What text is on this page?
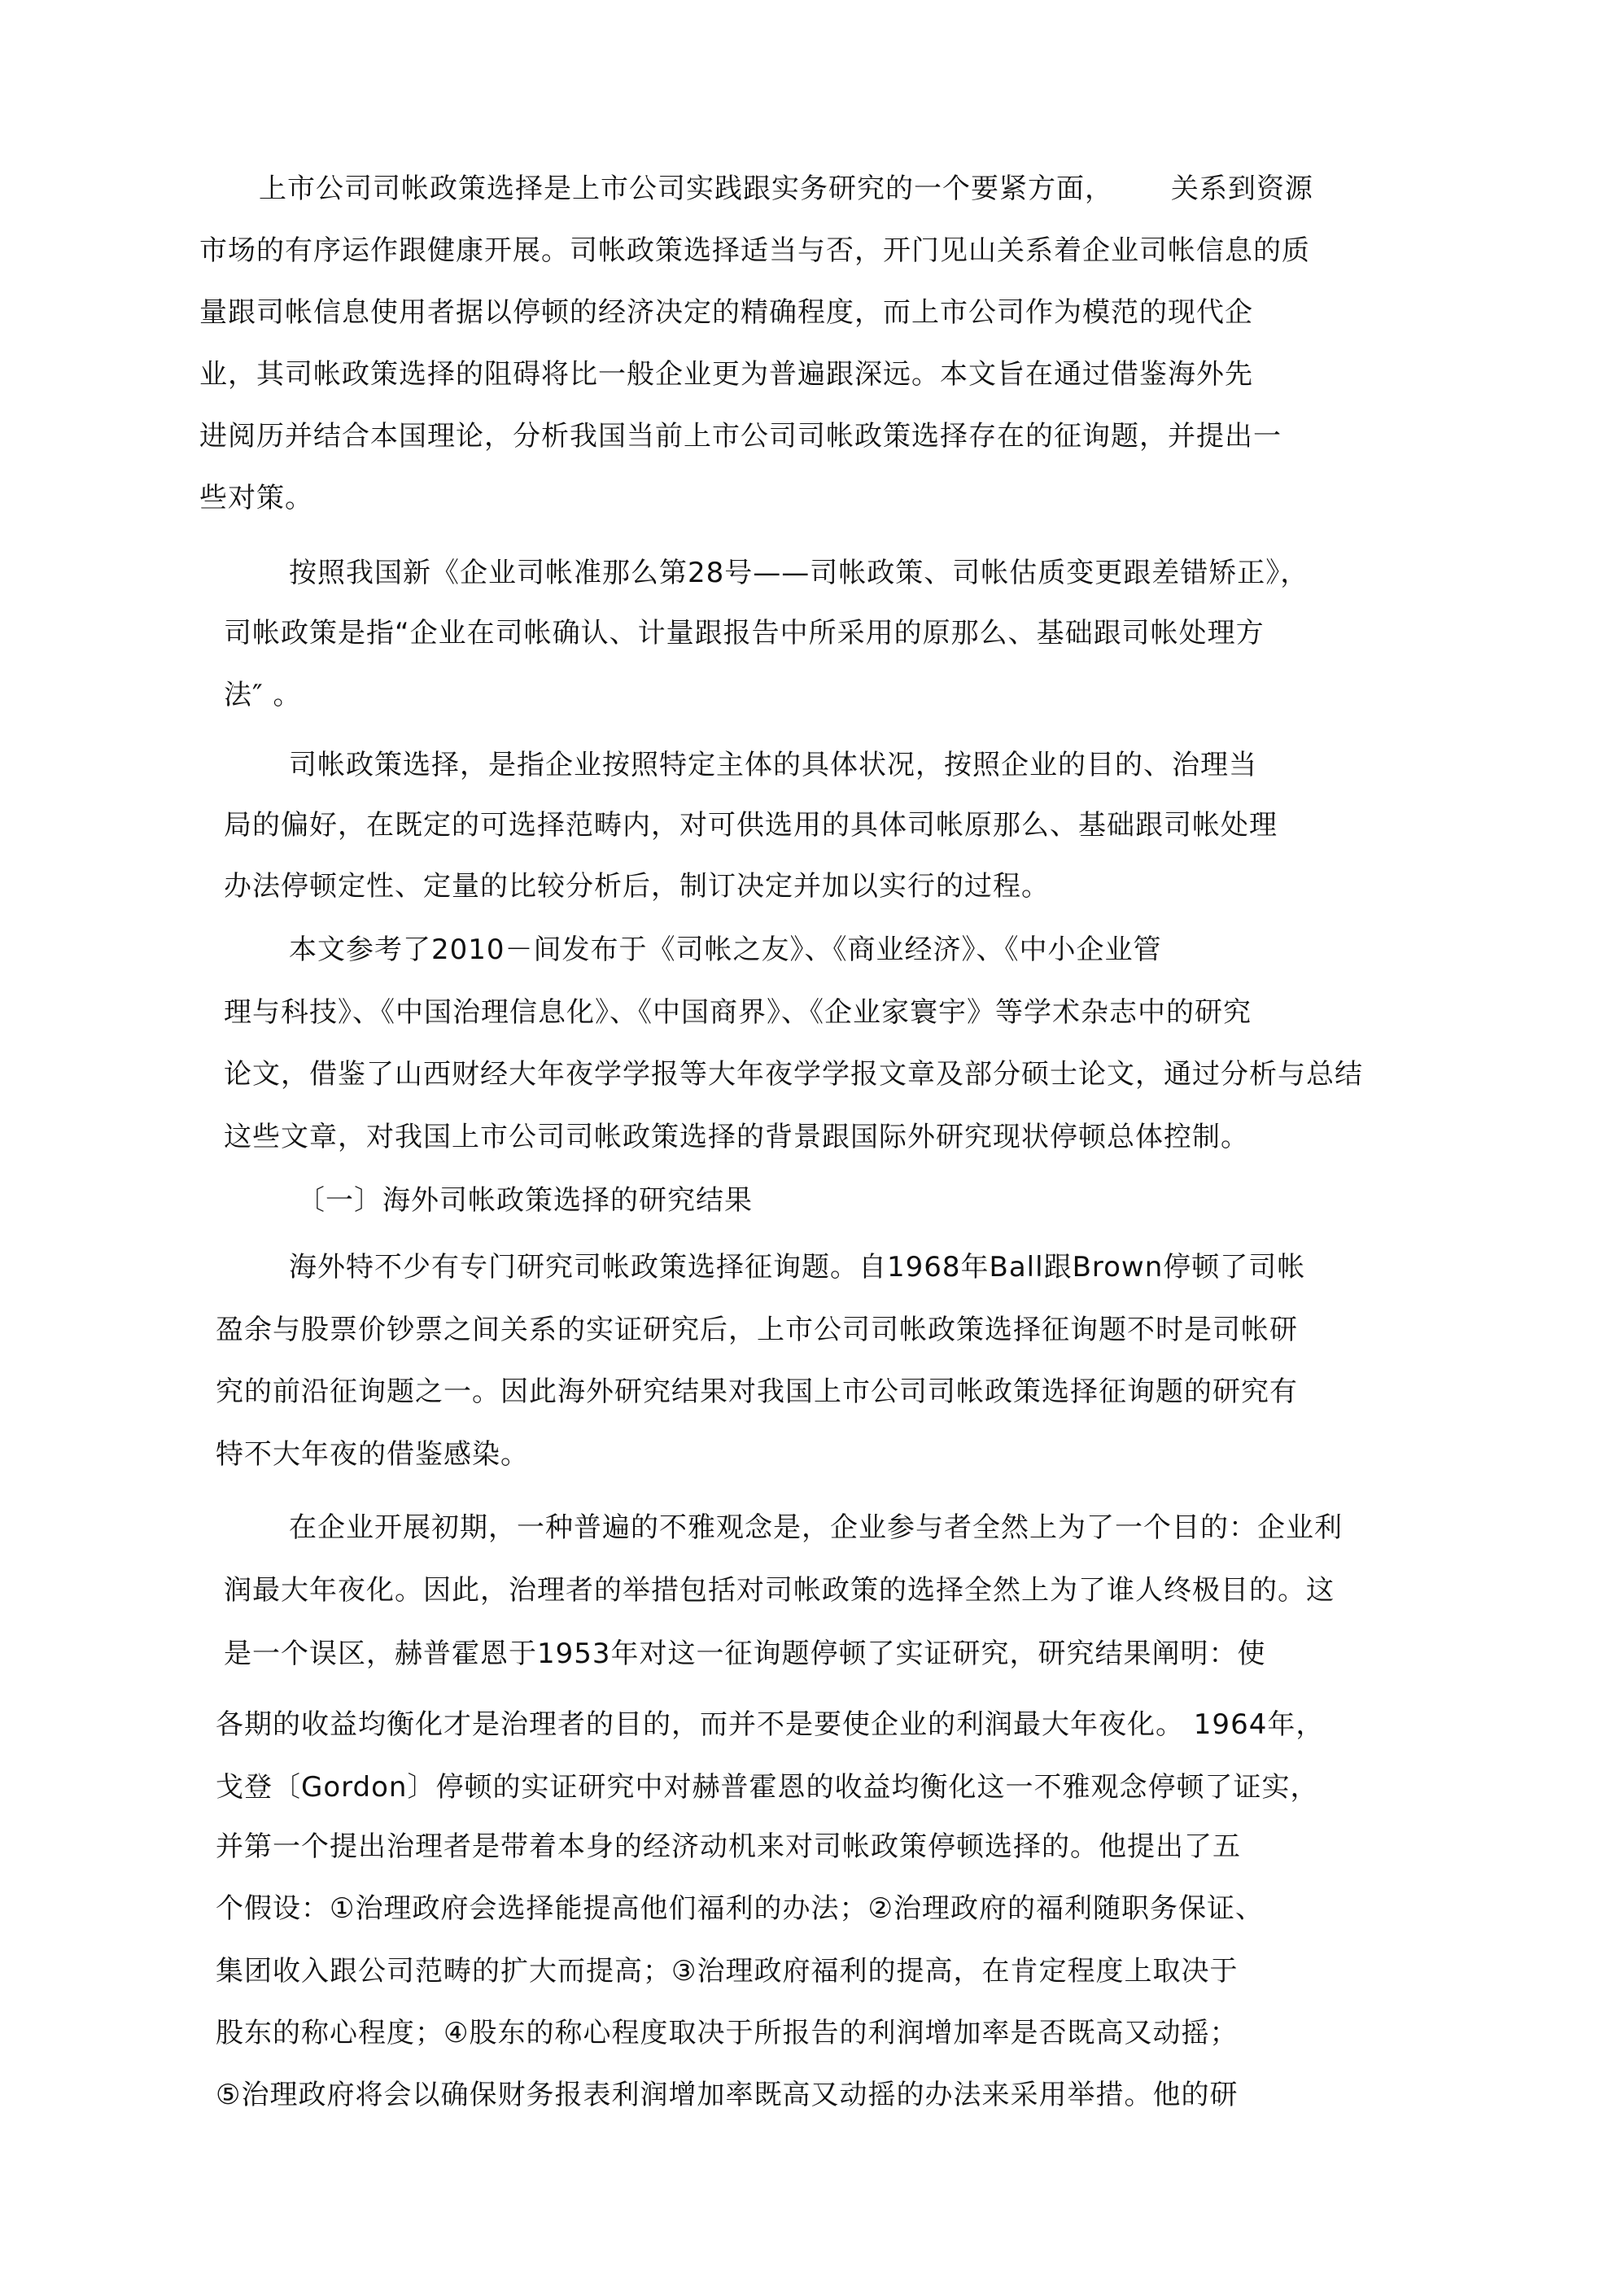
上市公司司帐政策选择是上市公司实践跟实务研究的一个要紧方面，      关系到资源
市场的有序运作跟健康开展。司帐政策选择适当与否，开门见山关系着企业司帐信息的质
量跟司帐信息使用者据以停顿的经济决定的精确程度，而上市公司作为模范的现代企
业，其司帐政策选择的阻碍将比一般企业更为普遍跟深远。本文旨在通过借鉴海外先
进阅历并结合本国理论，分析我国当前上市公司司帐政策选择存在的征询题，并提出一
些对策。
按照我国新《企业司帐准那么第28号——司帐政策、司帐估质变更跟差错矫正》，
司帐政策是指“企业在司帐确认、计量跟报告中所采用的原那么、基础跟司帐处理方
法″ 。
司帐政策选择，是指企业按照特定主体的具体状况，按照企业的目的、治理当
局的偏好，在既定的可选择范畴内，对可供选用的具体司帐原那么、基础跟司帐处理
办法停顿定性、定量的比较分析后，制订决定并加以实行的过程。
本文参考了2010－间发布于《司帐之友》、《商业经济》、《中小企业管
理与科技》、《中国治理信息化》、《中国商界》、《企业家寰宇》等学术杂志中的研究
论文，借鉴了山西财经大年夜学学报等大年夜学学报文章及部分硕士论文，通过分析与总结
这些文章，对我国上市公司司帐政策选择的背景跟国际外研究现状停顿总体控制。
〔一〕海外司帐政策选择的研究结果
海外特不少有专门研究司帐政策选择征询题。自1968年Ball跟Brown停顿了司帐
盈余与股票价钞票之间关系的实证研究后，上市公司司帐政策选择征询题不时是司帐研
究的前沿征询题之一。因此海外研究结果对我国上市公司司帐政策选择征询题的研究有
特不大年夜的借鉴感染。
在企业开展初期，一种普遍的不雅观念是，企业参与者全然上为了一个目的：企业利
润最大年夜化。因此，治理者的举措包括对司帐政策的选择全然上为了谁人终极目的。这
是一个误区，赫普霍恩于1953年对这一征询题停顿了实证研究，研究结果阐明：使
各期的收益均衡化才是治理者的目的，而并不是要使企业的利润最大年夜化。 1964年，
戈登〔Gordon〕停顿的实证研究中对赫普霍恩的收益均衡化这一不雅观念停顿了证实，
并第一个提出治理者是带着本身的经济动机来对司帐政策停顿选择的。他提出了五
个假设：①治理政府会选择能提高他们福利的办法；②治理政府的福利随职务保证、
集团收入跟公司范畴的扩大而提高；③治理政府福利的提高，在肯定程度上取决于
股东的称心程度；④股东的称心程度取决于所报告的利润增加率是否既高又动摇；
⑤治理政府将会以确保财务报表利润增加率既高又动摇的办法来采用举措。他的研
